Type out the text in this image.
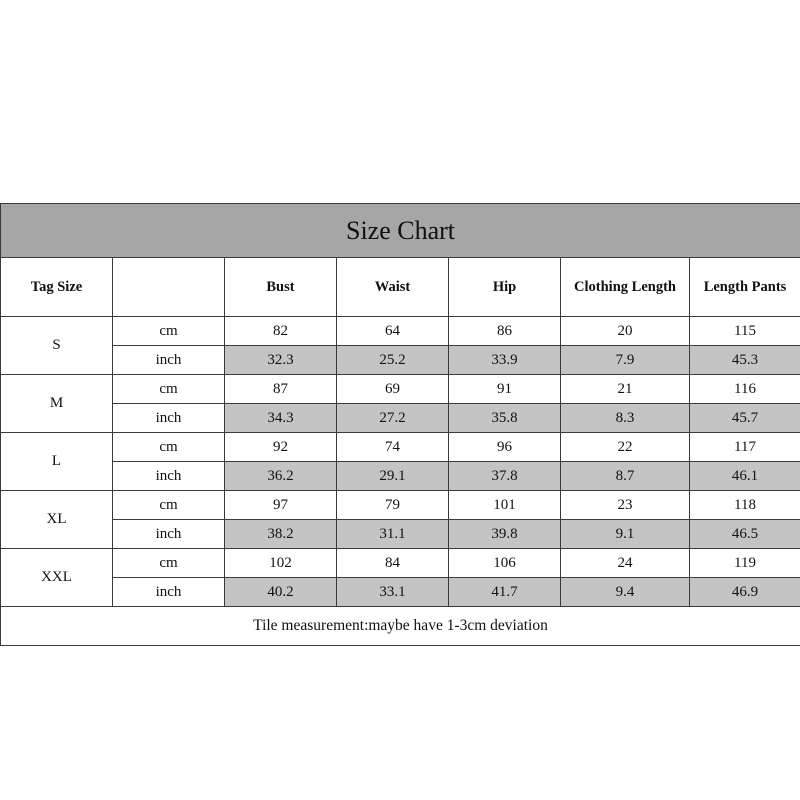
Size Chart						
Tag Size		Bust	Waist	Hip	Clothing Length	Length Pants
S	cm	82	64	86	20	115
	inch	32.3	25.2	33.9	7.9	45.3
M	cm	87	69	91	21	116
	inch	34.3	27.2	35.8	8.3	45.7
L	cm	92	74	96	22	117
	inch	36.2	29.1	37.8	8.7	46.1
XL	cm	97	79	101	23	118
	inch	38.2	31.1	39.8	9.1	46.5
XXL	cm	102	84	106	24	119
	inch	40.2	33.1	41.7	9.4	46.9
Tile measurement:maybe have 1-3cm deviation						
